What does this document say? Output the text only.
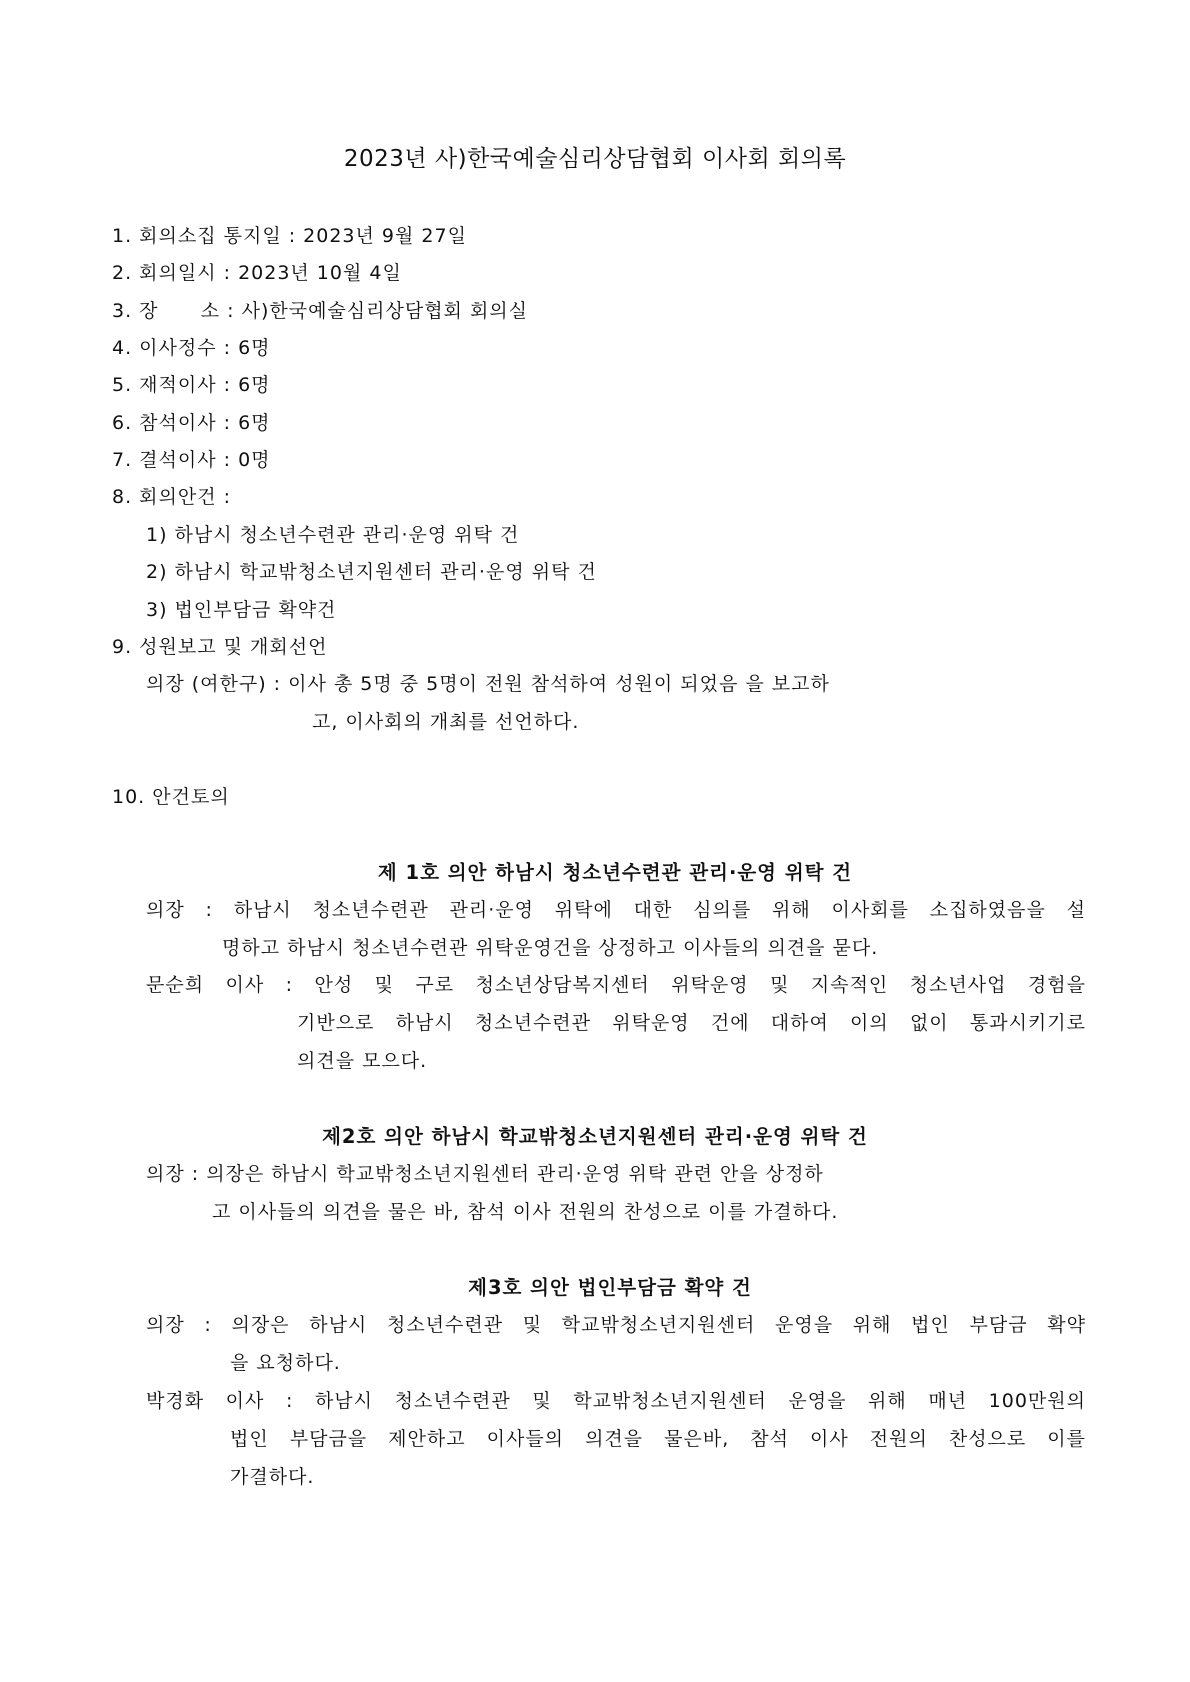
2023년 사)한국예술심리상담협회 이사회 회의록
1. 회의소집 통지일 : 2023년 9월 27일
2. 회의일시 : 2023년 10월 4일
3. 장      소 : 사)한국예술심리상담협회 회의실
4. 이사정수 : 6명
5. 재적이사 : 6명
6. 참석이사 : 6명
7. 결석이사 : 0명
8. 회의안건 :
1) 하남시 청소년수련관 관리·운영 위탁 건
2) 하남시 학교밖청소년지원센터 관리·운영 위탁 건
3) 법인부담금 확약건
9. 성원보고 및 개회선언
의장 (여한구) : 이사 총 5명 중 5명이 전원 참석하여 성원이 되었음 을 보고하
고, 이사회의 개최를 선언하다.
10. 안건토의
제 1호 의안 하남시 청소년수련관 관리·운영 위탁 건
의장 : 하남시 청소년수련관 관리·운영 위탁에 대한 심의를 위해 이사회를 소집하였음을 설
명하고 하남시 청소년수련관 위탁운영건을 상정하고 이사들의 의견을 묻다.
문순희 이사 : 안성 및 구로 청소년상담복지센터 위탁운영 및 지속적인 청소년사업 경험을
기반으로 하남시 청소년수련관 위탁운영 건에 대하여 이의 없이 통과시키기로
의견을 모으다.
제2호 의안 하남시 학교밖청소년지원센터 관리·운영 위탁 건
의장 : 의장은 하남시 학교밖청소년지원센터 관리·운영 위탁 관련 안을 상정하
고 이사들의 의견을 물은 바, 참석 이사 전원의 찬성으로 이를 가결하다.
제3호 의안 법인부담금 확약 건
의장 : 의장은 하남시 청소년수련관 및 학교밖청소년지원센터 운영을 위해 법인 부담금 확약
을 요청하다.
박경화 이사 : 하남시 청소년수련관 및 학교밖청소년지원센터 운영을 위해 매년 100만원의
법인 부담금을 제안하고 이사들의 의견을 물은바, 참석 이사 전원의 찬성으로 이를
가결하다.
